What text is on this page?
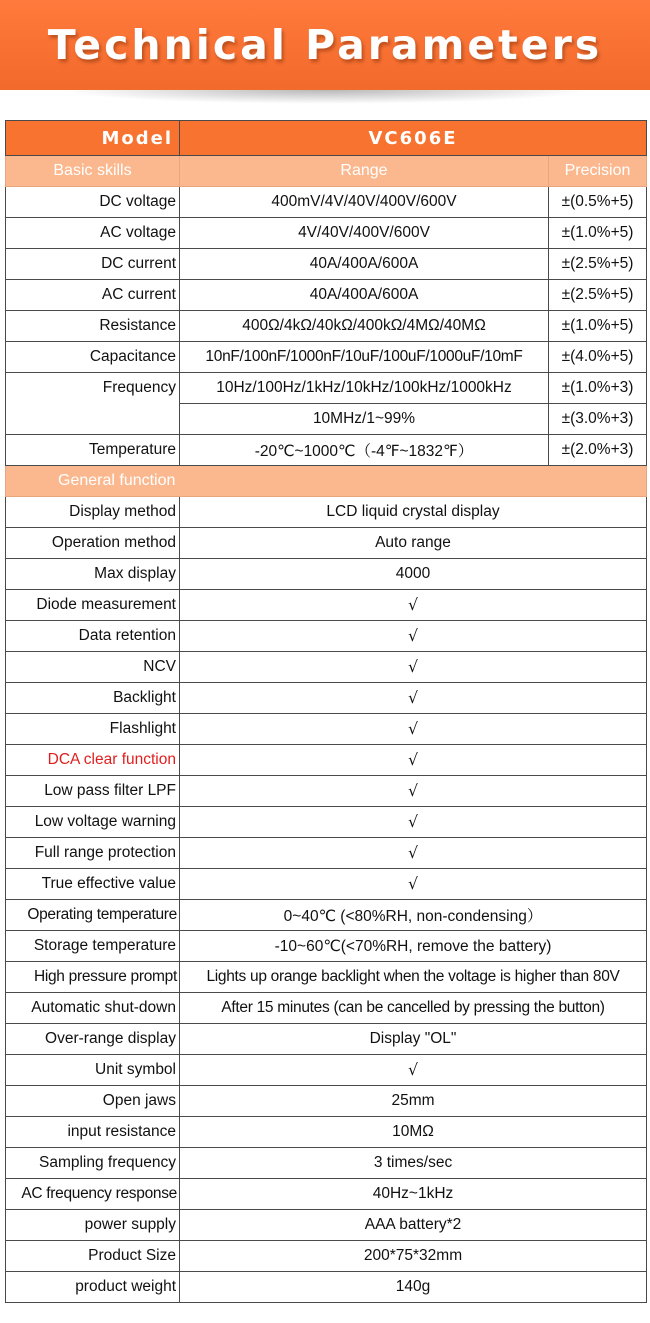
Technical Parameters
Model	VC606E	
Basic skills	Range	Precision
DC voltage	400mV/4V/40V/400V/600V	±(0.5%+5)
AC voltage	4V/40V/400V/600V	±(1.0%+5)
DC current	40A/400A/600A	±(2.5%+5)
AC current	40A/400A/600A	±(2.5%+5)
Resistance	400Ω/4kΩ/40kΩ/400kΩ/4MΩ/40MΩ	±(1.0%+5)
Capacitance	10nF/100nF/1000nF/10uF/100uF/1000uF/10mF	±(4.0%+5)
Frequency	10Hz/100Hz/1kHz/10kHz/100kHz/1000kHz	±(1.0%+3)
	10MHz/1~99%	±(3.0%+3)
Temperature	-20℃~1000℃（-4℉~1832℉）	±(2.0%+3)
General function		
Display method	LCD liquid crystal display	
Operation method	Auto range	
Max display	4000	
Diode measurement	√	
Data retention	√	
NCV	√	
Backlight	√	
Flashlight	√	
DCA clear function	√	
Low pass filter LPF	√	
Low voltage warning	√	
Full range protection	√	
True effective value	√	
Operating temperature	0~40℃ (<80%RH, non-condensing）	
Storage temperature	-10~60℃(<70%RH, remove the battery)	
High pressure prompt	Lights up orange backlight when the voltage is higher than 80V	
Automatic shut-down	After 15 minutes (can be cancelled by pressing the button)	
Over-range display	Display "OL"	
Unit symbol	√	
Open jaws	25mm	
input resistance	10MΩ	
Sampling frequency	3 times/sec	
AC frequency response	40Hz~1kHz	
power supply	AAA battery*2	
Product Size	200*75*32mm	
product weight	140g	
